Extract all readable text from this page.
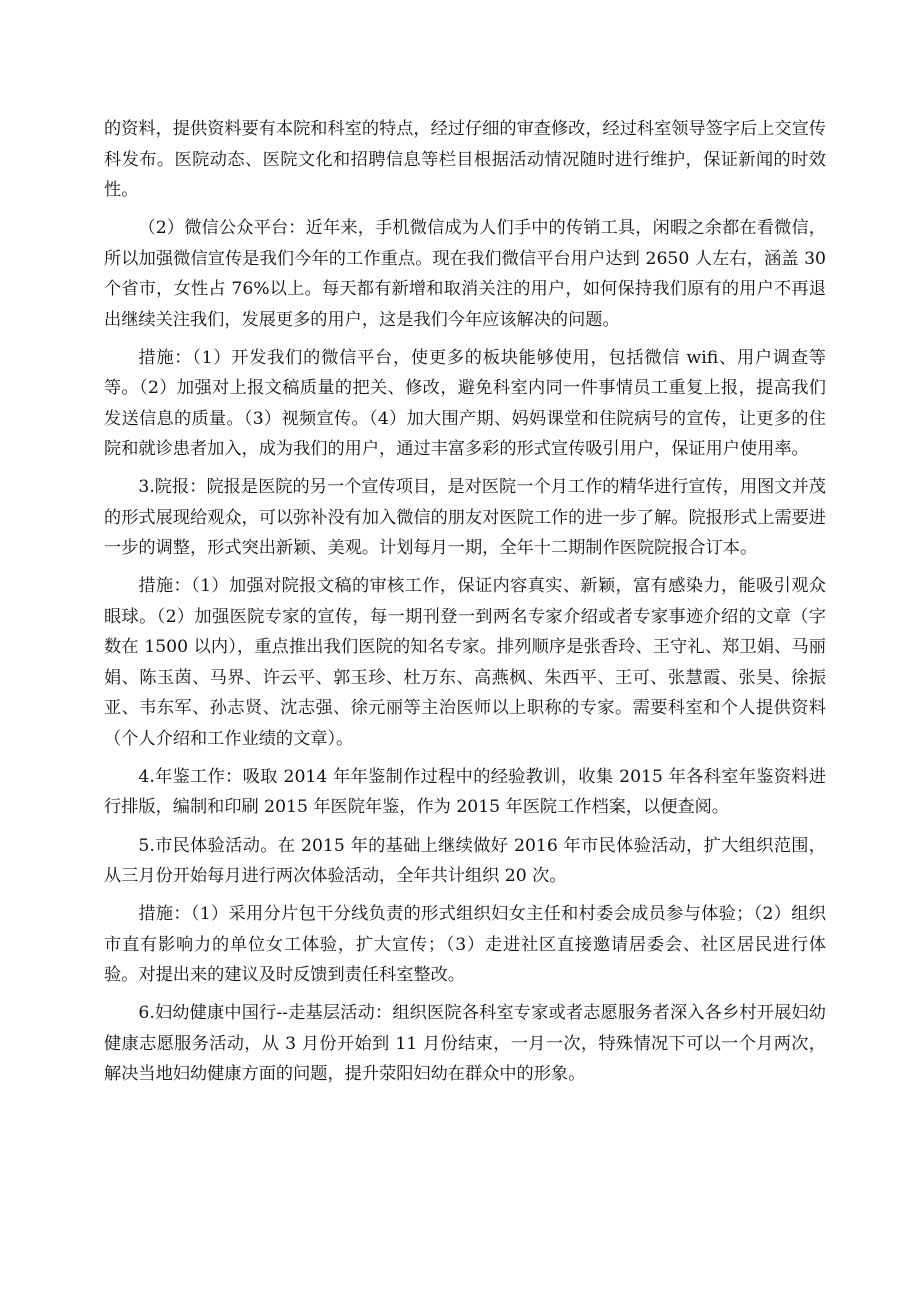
的资料，提供资料要有本院和科室的特点，经过仔细的审查修改，经过科室领导签字后上交宣传科发布。医院动态、医院文化和招聘信息等栏目根据活动情况随时进行维护，保证新闻的时效性。

（2）微信公众平台：近年来，手机微信成为人们手中的传销工具，闲暇之余都在看微信，所以加强微信宣传是我们今年的工作重点。现在我们微信平台用户达到 2650 人左右，涵盖 30 个省市，女性占 76%以上。每天都有新增和取消关注的用户，如何保持我们原有的用户不再退出继续关注我们，发展更多的用户，这是我们今年应该解决的问题。

措施：（1）开发我们的微信平台，使更多的板块能够使用，包括微信 wifi、用户调查等等。（2）加强对上报文稿质量的把关、修改，避免科室内同一件事情员工重复上报，提高我们发送信息的质量。（3）视频宣传。（4）加大围产期、妈妈课堂和住院病号的宣传，让更多的住院和就诊患者加入，成为我们的用户，通过丰富多彩的形式宣传吸引用户，保证用户使用率。

3.院报：院报是医院的另一个宣传项目，是对医院一个月工作的精华进行宣传，用图文并茂的形式展现给观众，可以弥补没有加入微信的朋友对医院工作的进一步了解。院报形式上需要进一步的调整，形式突出新颖、美观。计划每月一期，全年十二期制作医院院报合订本。

措施：（1）加强对院报文稿的审核工作，保证内容真实、新颖，富有感染力，能吸引观众眼球。（2）加强医院专家的宣传，每一期刊登一到两名专家介绍或者专家事迹介绍的文章（字数在 1500 以内），重点推出我们医院的知名专家。排列顺序是张香玲、王守礼、郑卫娟、马丽娟、陈玉茵、马界、许云平、郭玉珍、杜万东、高燕枫、朱西平、王可、张慧霞、张昊、徐振亚、韦东军、孙志贤、沈志强、徐元丽等主治医师以上职称的专家。需要科室和个人提供资料（个人介绍和工作业绩的文章）。

4.年鉴工作：吸取 2014 年年鉴制作过程中的经验教训，收集 2015 年各科室年鉴资料进行排版，编制和印刷 2015 年医院年鉴，作为 2015 年医院工作档案，以便查阅。

5.市民体验活动。在 2015 年的基础上继续做好 2016 年市民体验活动，扩大组织范围，从三月份开始每月进行两次体验活动，全年共计组织 20 次。

措施：（1）采用分片包干分线负责的形式组织妇女主任和村委会成员参与体验；（2）组织市直有影响力的单位女工体验，扩大宣传；（3）走进社区直接邀请居委会、社区居民进行体验。对提出来的建议及时反馈到责任科室整改。

6.妇幼健康中国行--走基层活动：组织医院各科室专家或者志愿服务者深入各乡村开展妇幼健康志愿服务活动，从 3 月份开始到 11 月份结束，一月一次，特殊情况下可以一个月两次，解决当地妇幼健康方面的问题，提升荥阳妇幼在群众中的形象。
